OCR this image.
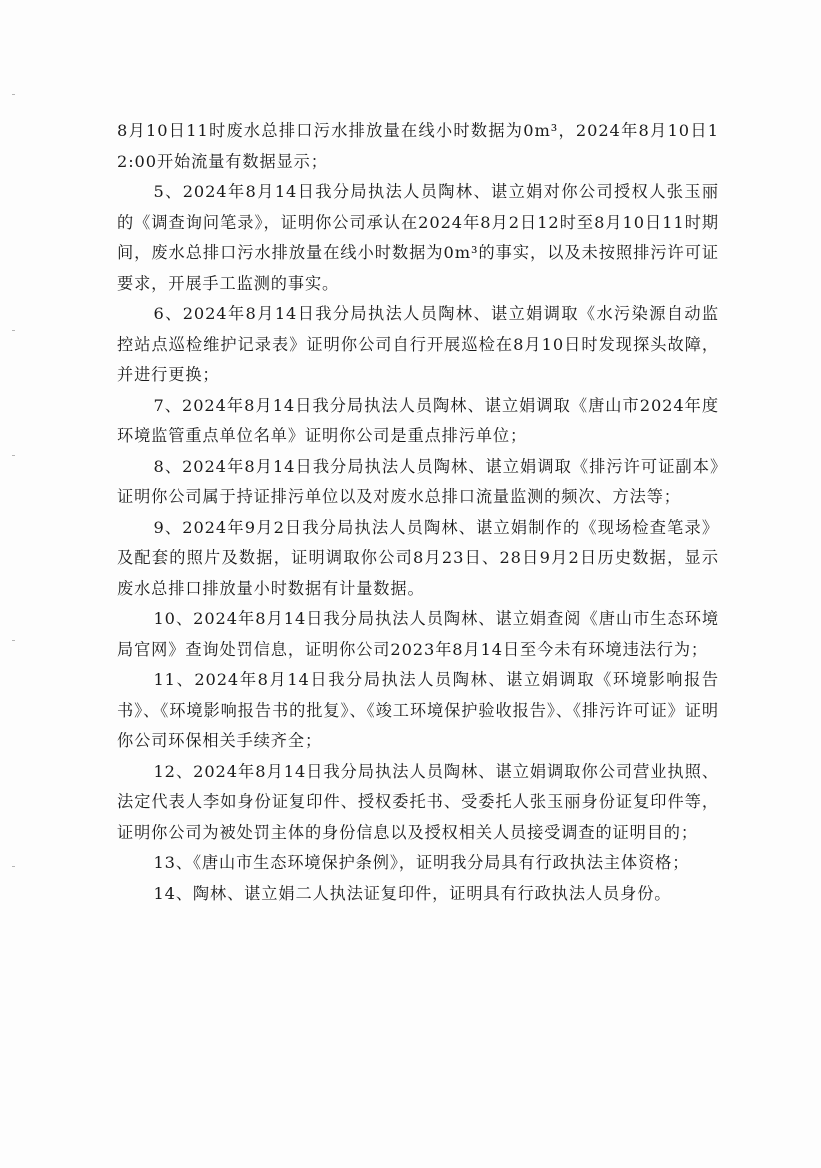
8月10日11时废水总排口污水排放量在线小时数据为0m³，2024年8月10日12:00开始流量有数据显示；

5、2024年8月14日我分局执法人员陶林、谌立娟对你公司授权人张玉丽的《调查询问笔录》，证明你公司承认在2024年8月2日12时至8月10日11时期间，废水总排口污水排放量在线小时数据为0m³的事实，以及未按照排污许可证要求，开展手工监测的事实。

6、2024年8月14日我分局执法人员陶林、谌立娟调取《水污染源自动监控站点巡检维护记录表》证明你公司自行开展巡检在8月10日时发现探头故障，并进行更换；

7、2024年8月14日我分局执法人员陶林、谌立娟调取《唐山市2024年度环境监管重点单位名单》证明你公司是重点排污单位；

8、2024年8月14日我分局执法人员陶林、谌立娟调取《排污许可证副本》证明你公司属于持证排污单位以及对废水总排口流量监测的频次、方法等；

9、2024年9月2日我分局执法人员陶林、谌立娟制作的《现场检查笔录》及配套的照片及数据，证明调取你公司8月23日、28日9月2日历史数据，显示废水总排口排放量小时数据有计量数据。

10、2024年8月14日我分局执法人员陶林、谌立娟查阅《唐山市生态环境局官网》查询处罚信息，证明你公司2023年8月14日至今未有环境违法行为；

11、2024年8月14日我分局执法人员陶林、谌立娟调取《环境影响报告书》、《环境影响报告书的批复》、《竣工环境保护验收报告》、《排污许可证》证明你公司环保相关手续齐全；

12、2024年8月14日我分局执法人员陶林、谌立娟调取你公司营业执照、法定代表人李如身份证复印件、授权委托书、受委托人张玉丽身份证复印件等，证明你公司为被处罚主体的身份信息以及授权相关人员接受调查的证明目的；

13、《唐山市生态环境保护条例》，证明我分局具有行政执法主体资格；

14、陶林、谌立娟二人执法证复印件，证明具有行政执法人员身份。
